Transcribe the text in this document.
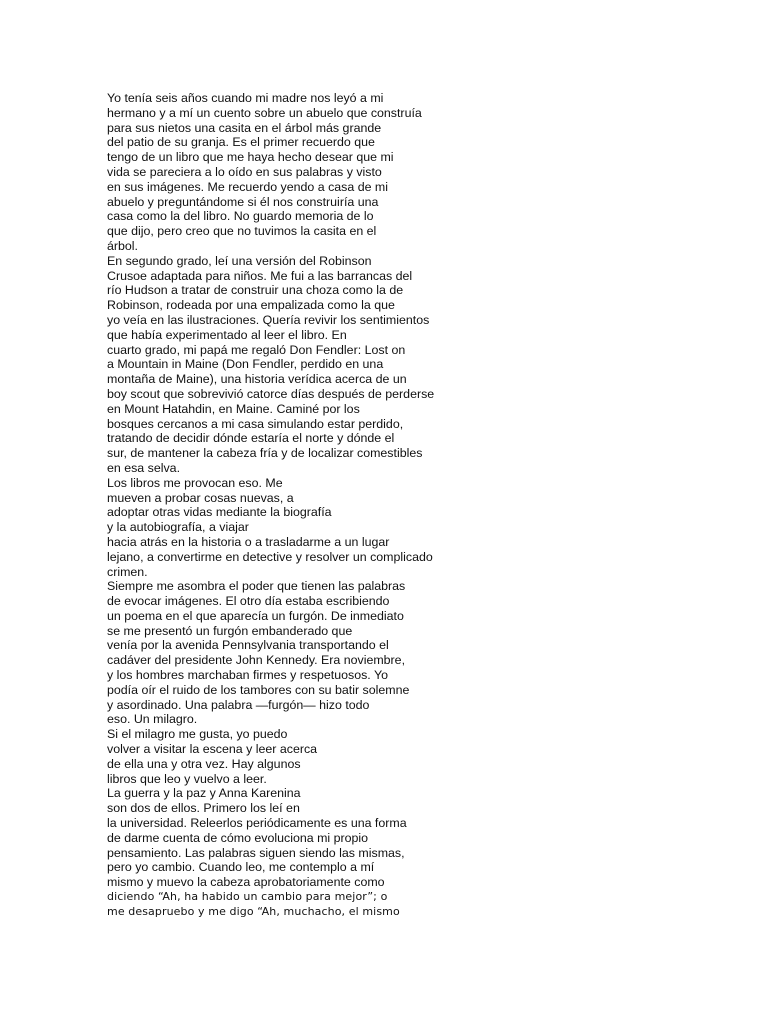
Yo tenía seis años cuando mi madre nos leyó a mi
hermano y a mí un cuento sobre un abuelo que construía
para sus nietos una casita en el árbol más grande
del patio de su granja. Es el primer recuerdo que
tengo de un libro que me haya hecho desear que mi
vida se pareciera a lo oído en sus palabras y visto
en sus imágenes. Me recuerdo yendo a casa de mi
abuelo y preguntándome si él nos construiría una
casa como la del libro. No guardo memoria de lo
que dijo, pero creo que no tuvimos la casita en el
árbol.
En segundo grado, leí una versión del Robinson
Crusoe adaptada para niños. Me fui a las barrancas del
río Hudson a tratar de construir una choza como la de
Robinson, rodeada por una empalizada como la que
yo veía en las ilustraciones. Quería revivir los sentimientos
que había experimentado al leer el libro. En
cuarto grado, mi papá me regaló Don Fendler: Lost on
a Mountain in Maine (Don Fendler, perdido en una
montaña de Maine), una historia verídica acerca de un
boy scout que sobrevivió catorce días después de perderse
en Mount Hatahdin, en Maine. Caminé por los
bosques cercanos a mi casa simulando estar perdido,
tratando de decidir dónde estaría el norte y dónde el
sur, de mantener la cabeza fría y de localizar comestibles
en esa selva.
Los libros me provocan eso. Me
mueven a probar cosas nuevas, a
adoptar otras vidas mediante la biografía
y la autobiografía, a viajar
hacia atrás en la historia o a trasladarme a un lugar
lejano, a convertirme en detective y resolver un complicado
crimen.
Siempre me asombra el poder que tienen las palabras
de evocar imágenes. El otro día estaba escribiendo
un poema en el que aparecía un furgón. De inmediato
se me presentó un furgón embanderado que
venía por la avenida Pennsylvania transportando el
cadáver del presidente John Kennedy. Era noviembre,
y los hombres marchaban firmes y respetuosos. Yo
podía oír el ruido de los tambores con su batir solemne
y asordinado. Una palabra —furgón— hizo todo
eso. Un milagro.
Si el milagro me gusta, yo puedo
volver a visitar la escena y leer acerca
de ella una y otra vez. Hay algunos
libros que leo y vuelvo a leer.
La guerra y la paz y Anna Karenina
son dos de ellos. Primero los leí en
la universidad. Releerlos periódicamente es una forma
de darme cuenta de cómo evoluciona mi propio
pensamiento. Las palabras siguen siendo las mismas,
pero yo cambio. Cuando leo, me contemplo a mí
mismo y muevo la cabeza aprobatoriamente como
diciendo “Ah, ha habido un cambio para mejor”; o
me desapruebo y me digo “Ah, muchacho, el mismo
